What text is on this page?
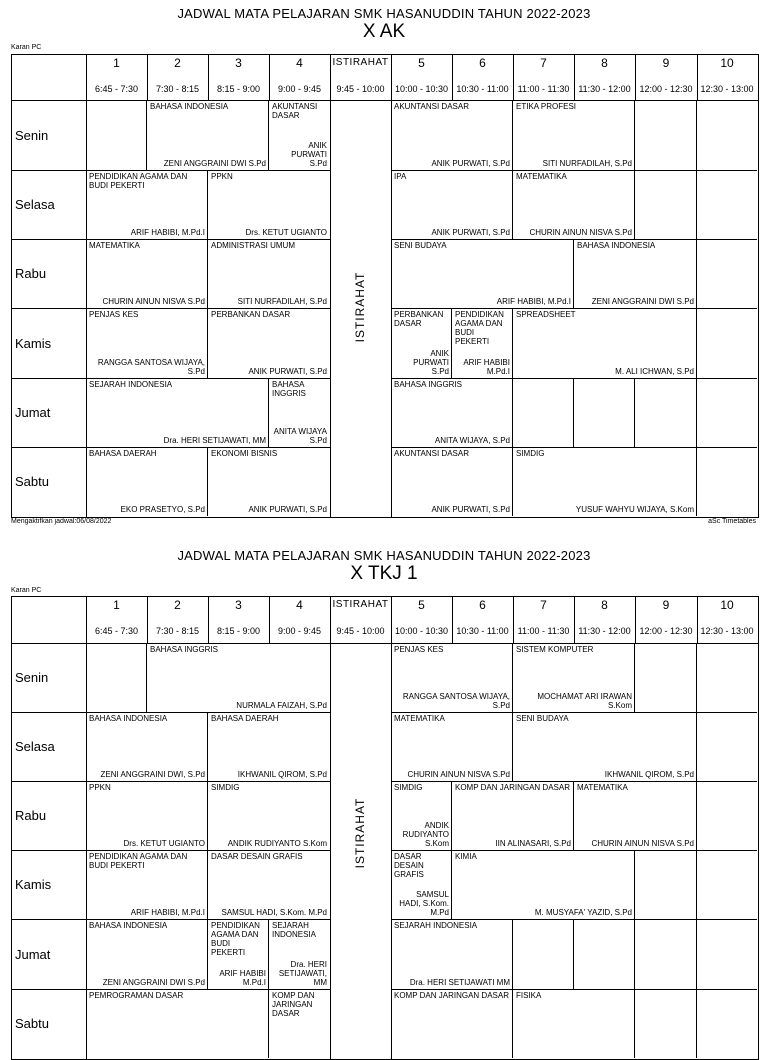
JADWAL MATA PELAJARAN SMK HASANUDDIN TAHUN 2022-2023
X AK
Karan PC
1
6:45 - 7:30
2
7:30 - 8:15
3
8:15 - 9:00
4
9:00 - 9:45
ISTIRAHAT
9:45 - 10:00
5
10:00 - 10:30
6
10:30 - 11:00
7
11:00 - 11:30
8
11:30 - 12:00
9
12:00 - 12:30
10
12:30 - 13:00
Senin
BAHASA INDONESIA
ZENI ANGGRAINI DWI S.Pd
AKUNTANSI DASAR
ANIK PURWATI S.Pd
AKUNTANSI DASAR
ANIK PURWATI, S.Pd
ETIKA PROFESI
SITI NURFADILAH, S.Pd
Selasa
PENDIDIKAN AGAMA DAN BUDI PEKERTI
ARIF HABIBI, M.Pd.I
PPKN
Drs. KETUT UGIANTO
IPA
ANIK PURWATI, S.Pd
MATEMATIKA
CHURIN AINUN NISVA S.Pd
Rabu
MATEMATIKA
CHURIN AINUN NISVA S.Pd
ADMINISTRASI UMUM
SITI NURFADILAH, S.Pd
SENI BUDAYA
ARIF HABIBI, M.Pd.I
BAHASA INDONESIA
ZENI ANGGRAINI DWI S.Pd
Kamis
PENJAS KES
RANGGA SANTOSA WIJAYA, S.Pd
PERBANKAN DASAR
ANIK PURWATI, S.Pd
PERBANKAN DASAR
ANIK PURWATI S.Pd
PENDIDIKAN AGAMA DAN BUDI PEKERTI
ARIF HABIBI M.Pd.I
SPREADSHEET
M. ALI ICHWAN, S.Pd
Jumat
SEJARAH INDONESIA
Dra. HERI SETIJAWATI, MM
BAHASA INGGRIS
ANITA WIJAYA S.Pd
BAHASA INGGRIS
ANITA WIJAYA, S.Pd
Sabtu
BAHASA DAERAH
EKO PRASETYO, S.Pd
EKONOMI BISNIS
ANIK PURWATI, S.Pd
AKUNTANSI DASAR
ANIK PURWATI, S.Pd
SIMDIG
YUSUF WAHYU WIJAYA, S.Kom
ISTIRAHAT
Mengaktifkan jadwal:06/08/2022	aSc Timetables
JADWAL MATA PELAJARAN SMK HASANUDDIN TAHUN 2022-2023
X TKJ 1
Karan PC
1
6:45 - 7:30
2
7:30 - 8:15
3
8:15 - 9:00
4
9:00 - 9:45
ISTIRAHAT
9:45 - 10:00
5
10:00 - 10:30
6
10:30 - 11:00
7
11:00 - 11:30
8
11:30 - 12:00
9
12:00 - 12:30
10
12:30 - 13:00
Senin
BAHASA INGGRIS
NURMALA FAIZAH, S.Pd
PENJAS KES
RANGGA SANTOSA WIJAYA, S.Pd
SISTEM KOMPUTER
MOCHAMAT ARI IRAWAN S.Kom
Selasa
BAHASA INDONESIA
ZENI ANGGRAINI DWI, S.Pd
BAHASA DAERAH
IKHWANIL QIROM, S.Pd
MATEMATIKA
CHURIN AINUN NISVA S.Pd
SENI BUDAYA
IKHWANIL QIROM, S.Pd
Rabu
PPKN
Drs. KETUT UGIANTO
SIMDIG
ANDIK RUDIYANTO S.Kom
SIMDIG
ANDIK RUDIYANTO S.Kom
KOMP DAN JARINGAN DASAR
IIN ALINASARI, S.Pd
MATEMATIKA
CHURIN AINUN NISVA S.Pd
Kamis
PENDIDIKAN AGAMA DAN BUDI PEKERTI
ARIF HABIBI, M.Pd.I
DASAR DESAIN GRAFIS
SAMSUL HADI, S.Kom. M.Pd
DASAR DESAIN GRAFIS
SAMSUL HADI, S.Kom. M.Pd
KIMIA
M. MUSYAFA' YAZID, S.Pd
Jumat
BAHASA INDONESIA
ZENI ANGGRAINI DWI S.Pd
PENDIDIKAN AGAMA DAN BUDI PEKERTI
ARIF HABIBI M.Pd.I
SEJARAH INDONESIA
Dra. HERI SETIJAWATI, MM
SEJARAH INDONESIA
Dra. HERI SETIJAWATI MM
Sabtu
PEMROGRAMAN DASAR	KOMP DAN JARINGAN DASAR
KOMP DAN JARINGAN DASAR FISIKA
ISTIRAHAT
